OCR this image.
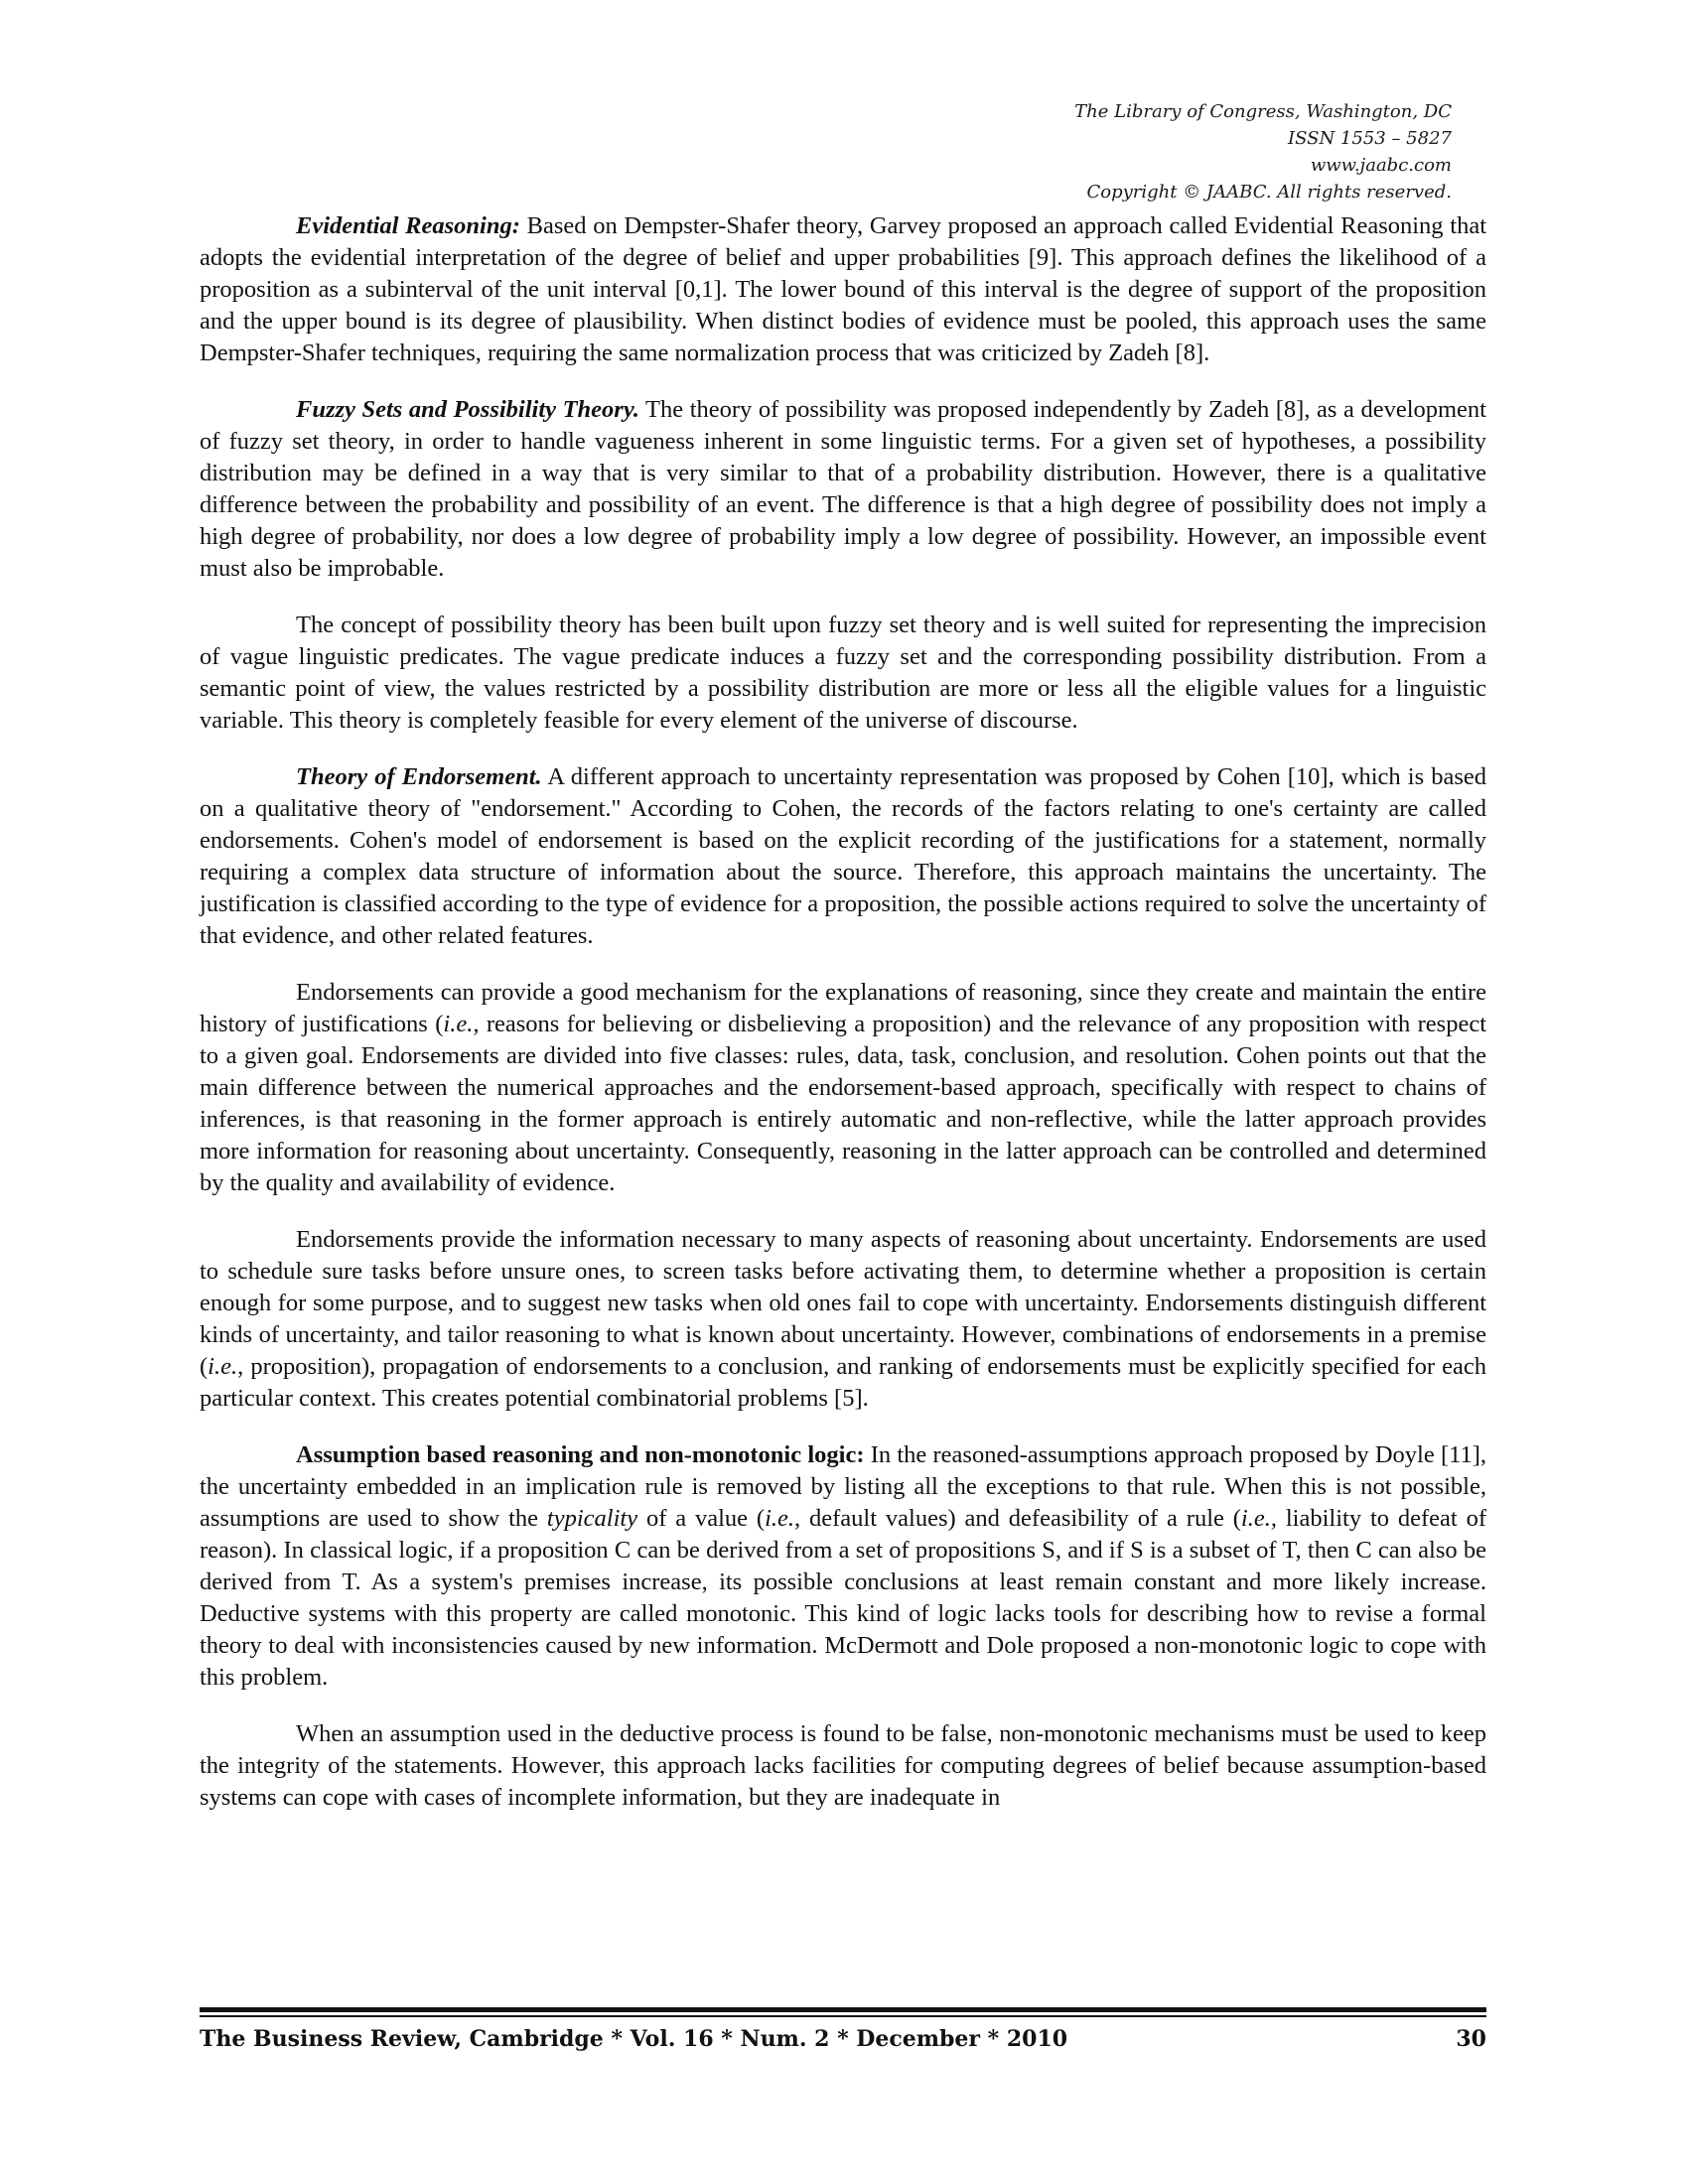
The Library of Congress, Washington, DC
ISSN 1553 – 5827
www.jaabc.com
Copyright © JAABC. All rights reserved.

Evidential Reasoning: Based on Dempster-Shafer theory, Garvey proposed an approach called Evidential Reasoning that adopts the evidential interpretation of the degree of belief and upper probabilities [9]. This approach defines the likelihood of a proposition as a subinterval of the unit interval [0,1]. The lower bound of this interval is the degree of support of the proposition and the upper bound is its degree of plausibility. When distinct bodies of evidence must be pooled, this approach uses the same Dempster-Shafer techniques, requiring the same normalization process that was criticized by Zadeh [8].

Fuzzy Sets and Possibility Theory. The theory of possibility was proposed independently by Zadeh [8], as a development of fuzzy set theory, in order to handle vagueness inherent in some linguistic terms. For a given set of hypotheses, a possibility distribution may be defined in a way that is very similar to that of a probability distribution. However, there is a qualitative difference between the probability and possibility of an event. The difference is that a high degree of possibility does not imply a high degree of probability, nor does a low degree of probability imply a low degree of possibility. However, an impossible event must also be improbable.

The concept of possibility theory has been built upon fuzzy set theory and is well suited for representing the imprecision of vague linguistic predicates. The vague predicate induces a fuzzy set and the corresponding possibility distribution. From a semantic point of view, the values restricted by a possibility distribution are more or less all the eligible values for a linguistic variable. This theory is completely feasible for every element of the universe of discourse.

Theory of Endorsement. A different approach to uncertainty representation was proposed by Cohen [10], which is based on a qualitative theory of "endorsement." According to Cohen, the records of the factors relating to one's certainty are called endorsements. Cohen's model of endorsement is based on the explicit recording of the justifications for a statement, normally requiring a complex data structure of information about the source. Therefore, this approach maintains the uncertainty. The justification is classified according to the type of evidence for a proposition, the possible actions required to solve the uncertainty of that evidence, and other related features.

Endorsements can provide a good mechanism for the explanations of reasoning, since they create and maintain the entire history of justifications (i.e., reasons for believing or disbelieving a proposition) and the relevance of any proposition with respect to a given goal. Endorsements are divided into five classes: rules, data, task, conclusion, and resolution. Cohen points out that the main difference between the numerical approaches and the endorsement-based approach, specifically with respect to chains of inferences, is that reasoning in the former approach is entirely automatic and non-reflective, while the latter approach provides more information for reasoning about uncertainty. Consequently, reasoning in the latter approach can be controlled and determined by the quality and availability of evidence.

Endorsements provide the information necessary to many aspects of reasoning about uncertainty. Endorsements are used to schedule sure tasks before unsure ones, to screen tasks before activating them, to determine whether a proposition is certain enough for some purpose, and to suggest new tasks when old ones fail to cope with uncertainty. Endorsements distinguish different kinds of uncertainty, and tailor reasoning to what is known about uncertainty. However, combinations of endorsements in a premise (i.e., proposition), propagation of endorsements to a conclusion, and ranking of endorsements must be explicitly specified for each particular context. This creates potential combinatorial problems [5].

Assumption based reasoning and non-monotonic logic: In the reasoned-assumptions approach proposed by Doyle [11], the uncertainty embedded in an implication rule is removed by listing all the exceptions to that rule. When this is not possible, assumptions are used to show the typicality of a value (i.e., default values) and defeasibility of a rule (i.e., liability to defeat of reason). In classical logic, if a proposition C can be derived from a set of propositions S, and if S is a subset of T, then C can also be derived from T. As a system's premises increase, its possible conclusions at least remain constant and more likely increase. Deductive systems with this property are called monotonic. This kind of logic lacks tools for describing how to revise a formal theory to deal with inconsistencies caused by new information. McDermott and Dole proposed a non-monotonic logic to cope with this problem.

When an assumption used in the deductive process is found to be false, non-monotonic mechanisms must be used to keep the integrity of the statements. However, this approach lacks facilities for computing degrees of belief because assumption-based systems can cope with cases of incomplete information, but they are inadequate in

The Business Review, Cambridge * Vol. 16 * Num. 2 * December * 2010	30
